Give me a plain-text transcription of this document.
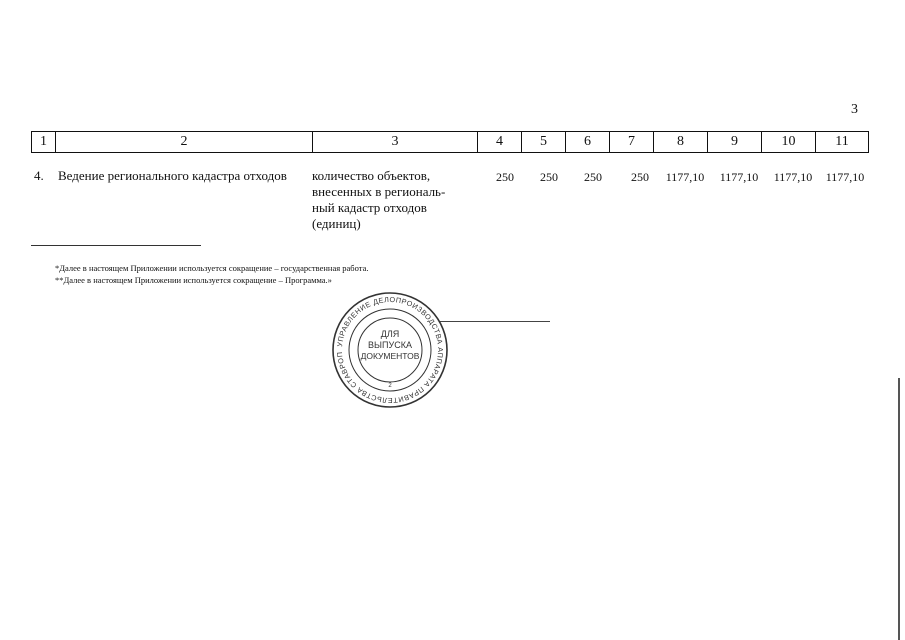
3
1	2	3	4	5	6	7	8	9	10	11
4. Ведение регионального кадастра отходов	количество объектов,
внесенных в региональ-
ный кадастр отходов
(единиц)
250	250	250	250	1177,10	1177,10	1177,10	1177,10
*Далее в настоящем Приложении используется сокращение – государственная работа.
**Далее в настоящем Приложении используется сокращение – Программа.»
УПРАВЛЕНИЕ ДЕЛОПРОИЗВОДСТВА АППАРАТА ПРАВИТЕЛЬСТВА СТАВРОП
ДЛЯ
ВЫПУСКА
ДОКУМЕНТОВ
2
